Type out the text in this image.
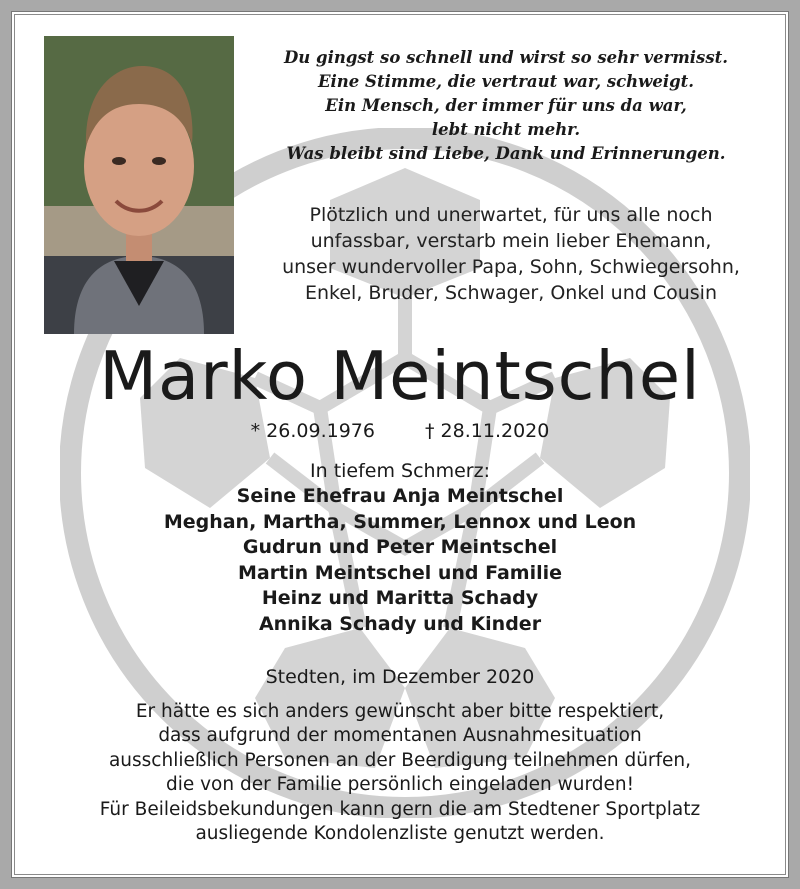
Du gingst so schnell und wirst so sehr vermisst.
Eine Stimme, die vertraut war, schweigt.
Ein Mensch, der immer für uns da war,
lebt nicht mehr.
Was bleibt sind Liebe, Dank und Erinnerungen.
Plötzlich und unerwartet, für uns alle noch
unfassbar, verstarb mein lieber Ehemann,
unser wundervoller Papa, Sohn, Schwiegersohn,
Enkel, Bruder, Schwager, Onkel und Cousin
Marko Meintschel
* 26.09.1976	† 28.11.2020
In tiefem Schmerz:
Seine Ehefrau Anja Meintschel
Meghan, Martha, Summer, Lennox und Leon
Gudrun und Peter Meintschel
Martin Meintschel und Familie
Heinz und Maritta Schady
Annika Schady und Kinder
Stedten, im Dezember 2020
Er hätte es sich anders gewünscht aber bitte respektiert,
dass aufgrund der momentanen Ausnahmesituation
ausschließlich Personen an der Beerdigung teilnehmen dürfen,
die von der Familie persönlich eingeladen wurden!
Für Beileidsbekundungen kann gern die am Stedtener Sportplatz
ausliegende Kondolenzliste genutzt werden.
